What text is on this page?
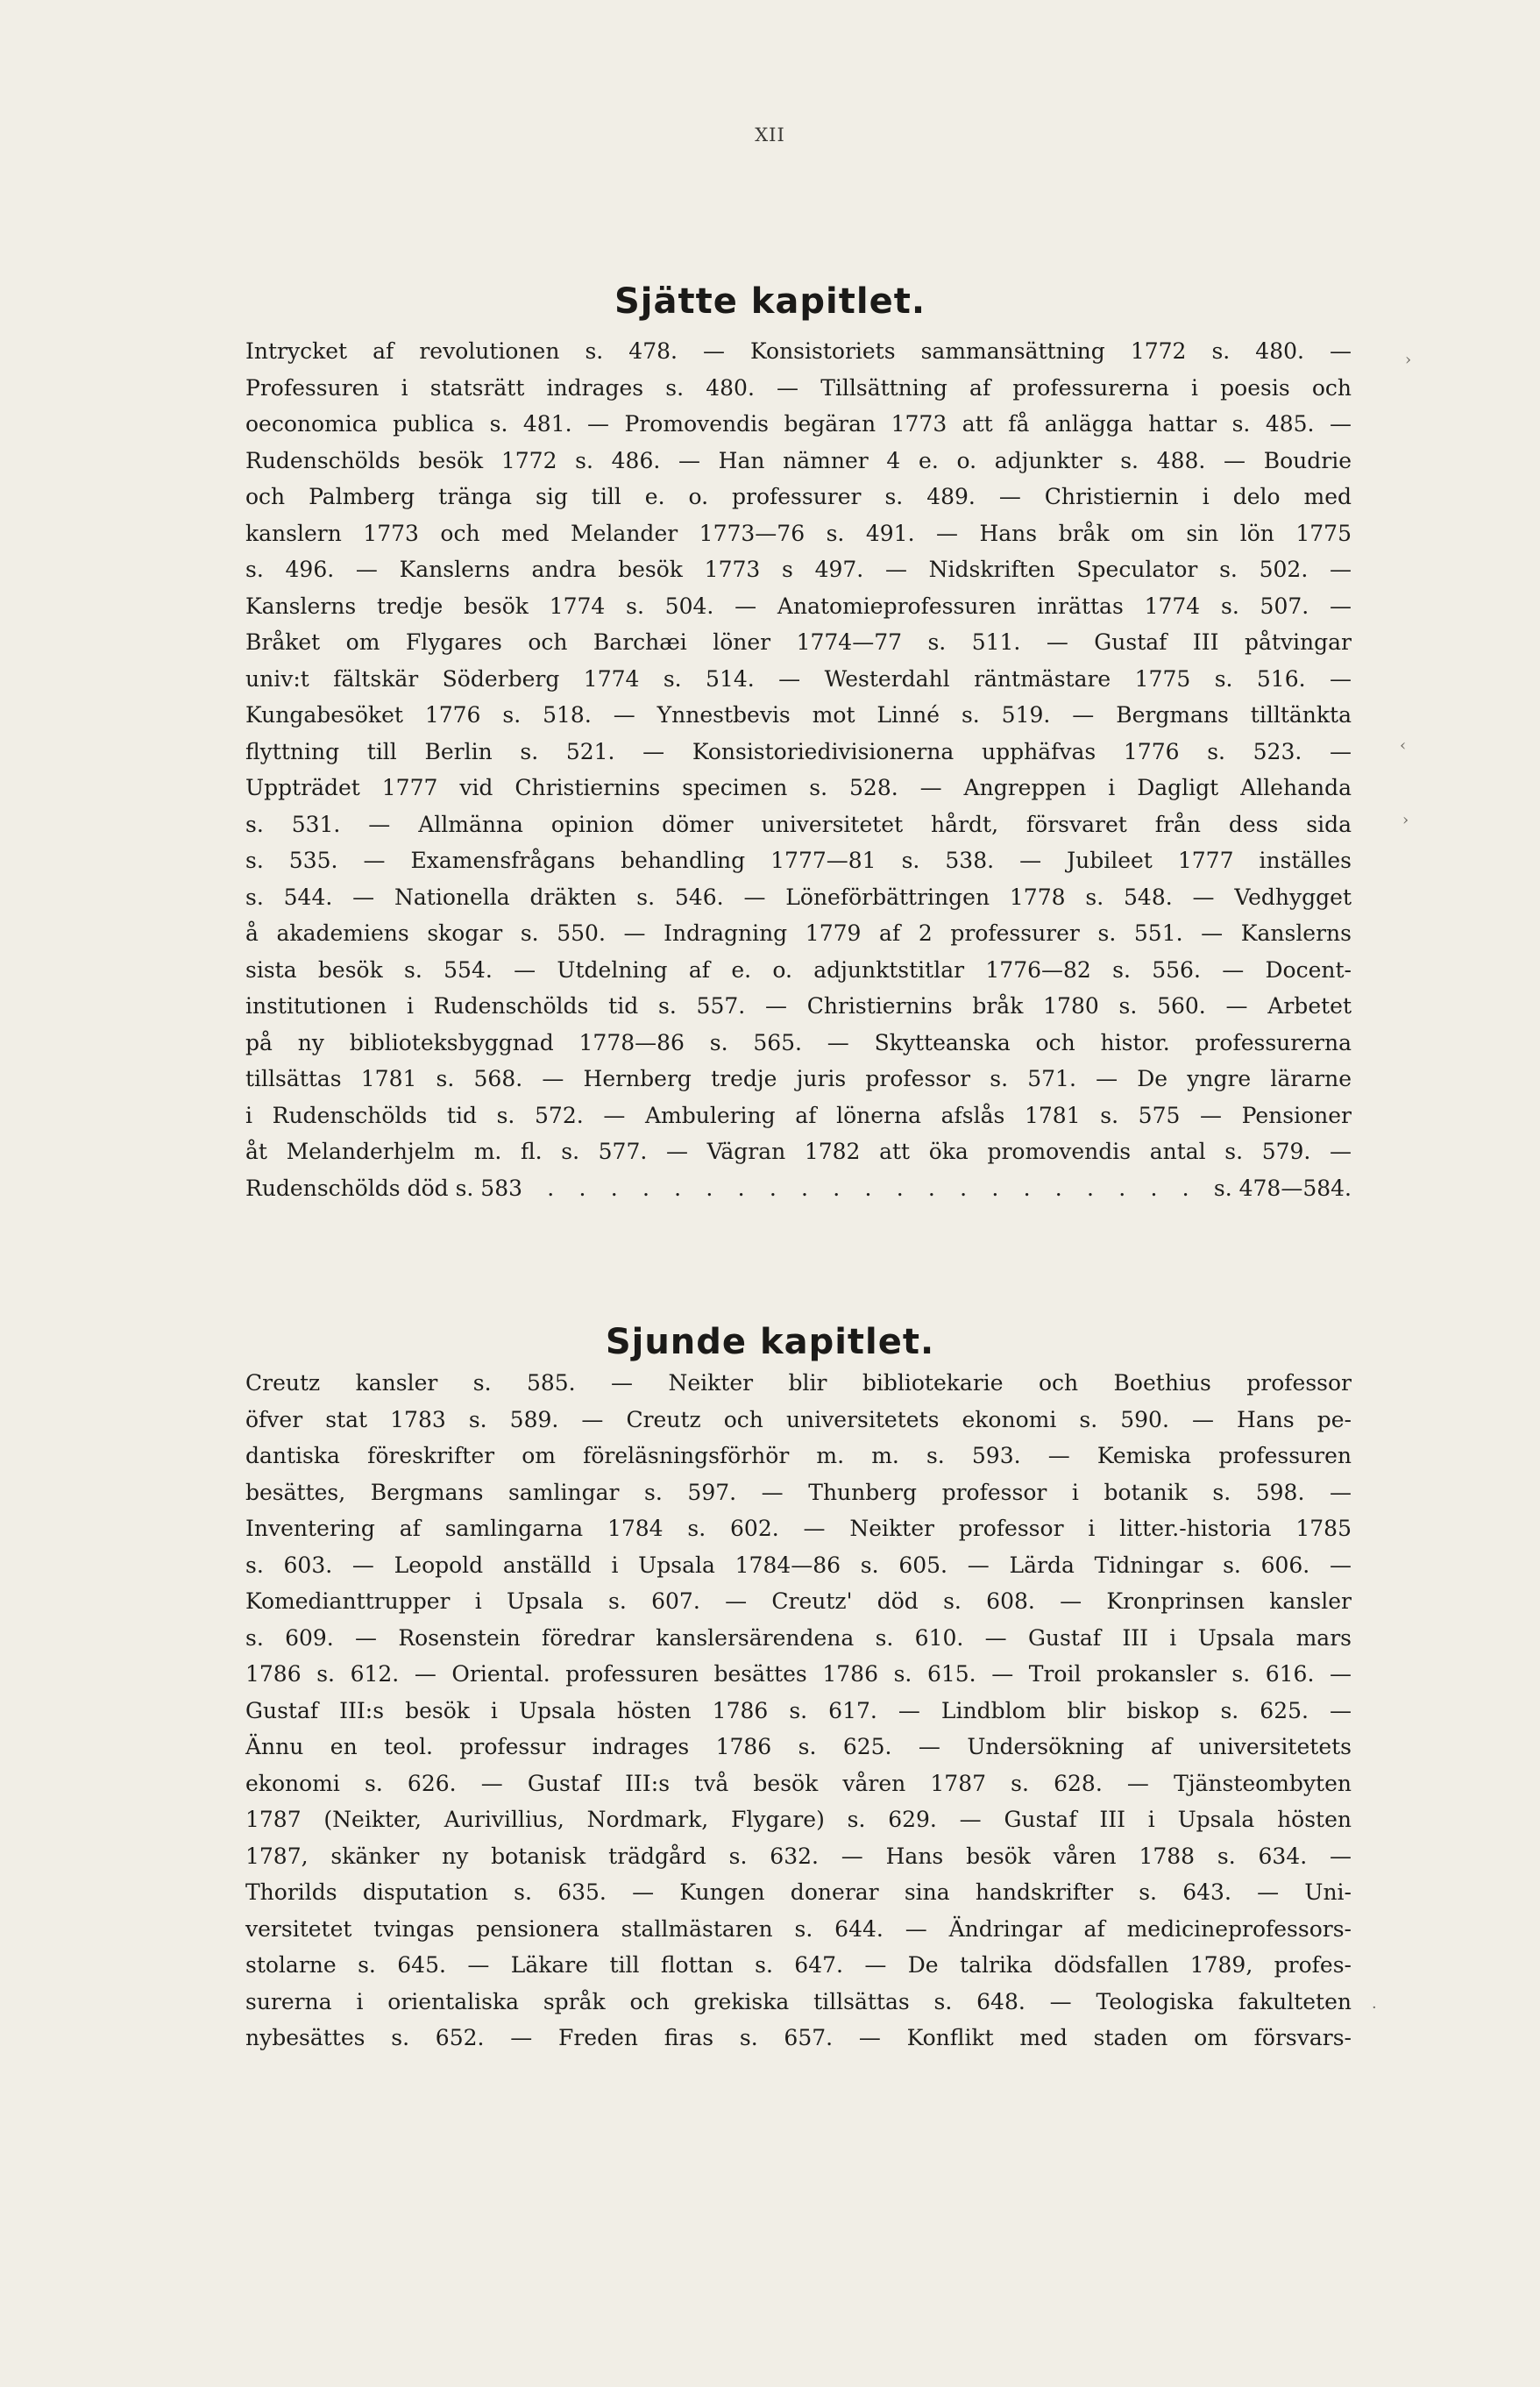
XII
Sjätte kapitlet.
Intrycket af revolutionen s. 478. — Konsistoriets sammansättning 1772 s. 480. —
Professuren i statsrätt indrages s. 480. — Tillsättning af professurerna i poesis och
oeconomica publica s. 481. — Promovendis begäran 1773 att få anlägga hattar s. 485. —
Rudenschölds besök 1772 s. 486. — Han nämner 4 e. o. adjunkter s. 488. — Boudrie
och Palmberg tränga sig till e. o. professurer s. 489. — Christiernin i delo med
kanslern 1773 och med Melander 1773—76 s. 491. — Hans bråk om sin lön 1775
s. 496. — Kanslerns andra besök 1773 s 497. — Nidskriften Speculator s. 502. —
Kanslerns tredje besök 1774 s. 504. — Anatomieprofessuren inrättas 1774 s. 507. —
Bråket om Flygares och Barchæi löner 1774—77 s. 511. — Gustaf III påtvingar
univ:t fältskär Söderberg 1774 s. 514. — Westerdahl räntmästare 1775 s. 516. —
Kungabesöket 1776 s. 518. — Ynnestbevis mot Linné s. 519. — Bergmans tilltänkta
flyttning till Berlin s. 521. — Konsistoriedivisionerna upphäfvas 1776 s. 523. —
Uppträdet 1777 vid Christiernins specimen s. 528. — Angreppen i Dagligt Allehanda
s. 531. — Allmänna opinion dömer universitetet hårdt, försvaret från dess sida
s. 535. — Examensfrågans behandling 1777—81 s. 538. — Jubileet 1777 inställes
s. 544. — Nationella dräkten s. 546. — Löneförbättringen 1778 s. 548. — Vedhygget
å akademiens skogar s. 550. — Indragning 1779 af 2 professurer s. 551. — Kanslerns
sista besök s. 554. — Utdelning af e. o. adjunktstitlar 1776—82 s. 556. — Docent-
institutionen i Rudenschölds tid s. 557. — Christiernins bråk 1780 s. 560. — Arbetet
på ny biblioteksbyggnad 1778—86 s. 565. — Skytteanska och histor. professurerna
tillsättas 1781 s. 568. — Hernberg tredje juris professor s. 571. — De yngre lärarne
i Rudenschölds tid s. 572. — Ambulering af lönerna afslås 1781 s. 575 — Pensioner
åt Melanderhjelm m. fl. s. 577. — Vägran 1782 att öka promovendis antal s. 579. —
Rudenschölds död s. 583 . . . . . . . . . . . . . . . . . . . . . s. 478—584.
Sjunde kapitlet.
Creutz kansler s. 585. — Neikter blir bibliotekarie och Boethius professor
öfver stat 1783 s. 589. — Creutz och universitetets ekonomi s. 590. — Hans pe-
dantiska föreskrifter om föreläsningsförhör m. m. s. 593. — Kemiska professuren
besättes, Bergmans samlingar s. 597. — Thunberg professor i botanik s. 598. —
Inventering af samlingarna 1784 s. 602. — Neikter professor i litter.-historia 1785
s. 603. — Leopold anställd i Upsala 1784—86 s. 605. — Lärda Tidningar s. 606. —
Komedianttrupper i Upsala s. 607. — Creutz' död s. 608. — Kronprinsen kansler
s. 609. — Rosenstein föredrar kanslersärendena s. 610. — Gustaf III i Upsala mars
1786 s. 612. — Oriental. professuren besättes 1786 s. 615. — Troil prokansler s. 616. —
Gustaf III:s besök i Upsala hösten 1786 s. 617. — Lindblom blir biskop s. 625. —
Ännu en teol. professur indrages 1786 s. 625. — Undersökning af universitetets
ekonomi s. 626. — Gustaf III:s två besök våren 1787 s. 628. — Tjänsteombyten
1787 (Neikter, Aurivillius, Nordmark, Flygare) s. 629. — Gustaf III i Upsala hösten
1787, skänker ny botanisk trädgård s. 632. — Hans besök våren 1788 s. 634. —
Thorilds disputation s. 635. — Kungen donerar sina handskrifter s. 643. — Uni-
versitetet tvingas pensionera stallmästaren s. 644. — Ändringar af medicineprofessors-
stolarne s. 645. — Läkare till flottan s. 647. — De talrika dödsfallen 1789, profes-
surerna i orientaliska språk och grekiska tillsättas s. 648. — Teologiska fakulteten
nybesättes s. 652. — Freden firas s. 657. — Konflikt med staden om försvars-
›
‹
›
·
